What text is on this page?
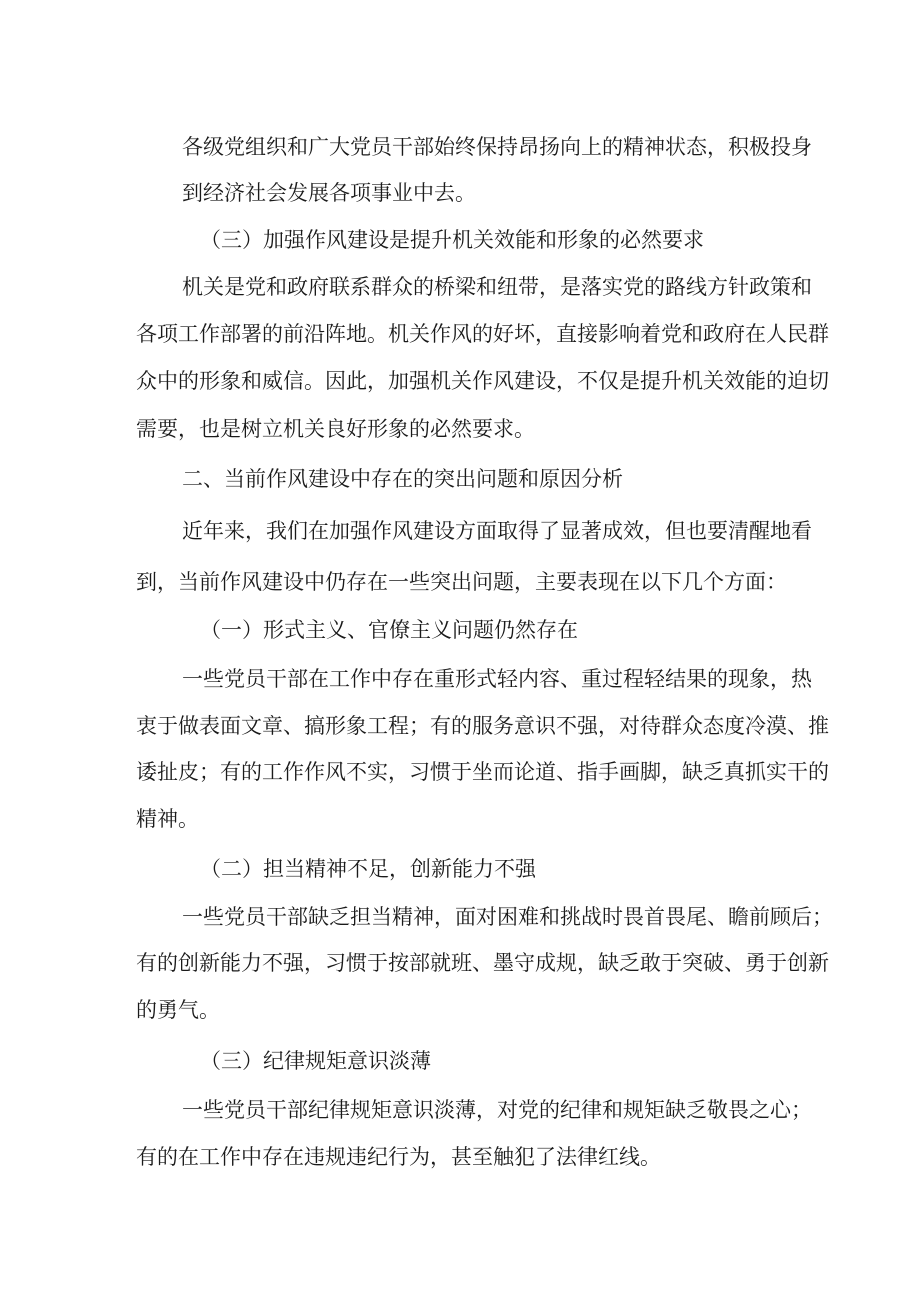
各级党组织和广大党员干部始终保持昂扬向上的精神状态，积极投身
到经济社会发展各项事业中去。
（三）加强作风建设是提升机关效能和形象的必然要求
机关是党和政府联系群众的桥梁和纽带，是落实党的路线方针政策和
各项工作部署的前沿阵地。机关作风的好坏，直接影响着党和政府在人民群
众中的形象和威信。因此，加强机关作风建设，不仅是提升机关效能的迫切
需要，也是树立机关良好形象的必然要求。
二、当前作风建设中存在的突出问题和原因分析
近年来，我们在加强作风建设方面取得了显著成效，但也要清醒地看
到，当前作风建设中仍存在一些突出问题，主要表现在以下几个方面：
（一）形式主义、官僚主义问题仍然存在
一些党员干部在工作中存在重形式轻内容、重过程轻结果的现象，热
衷于做表面文章、搞形象工程；有的服务意识不强，对待群众态度冷漠、推
诿扯皮；有的工作作风不实，习惯于坐而论道、指手画脚，缺乏真抓实干的
精神。
（二）担当精神不足，创新能力不强
一些党员干部缺乏担当精神，面对困难和挑战时畏首畏尾、瞻前顾后；
有的创新能力不强，习惯于按部就班、墨守成规，缺乏敢于突破、勇于创新
的勇气。
（三）纪律规矩意识淡薄
一些党员干部纪律规矩意识淡薄，对党的纪律和规矩缺乏敬畏之心；
有的在工作中存在违规违纪行为，甚至触犯了法律红线。
